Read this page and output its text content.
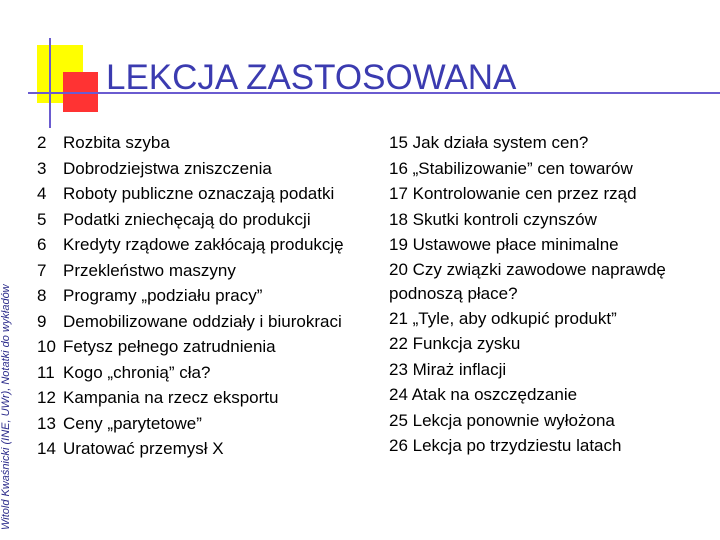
LEKCJA ZASTOSOWANA
Witold Kwaśnicki (INE, UWr), Notatki do wykładów
2 Rozbita szyba
3 Dobrodziejstwa zniszczenia
4 Roboty publiczne oznaczają podatki
5 Podatki zniechęcają do produkcji
6 Kredyty rządowe zakłócają produkcję
7 Przekleństwo maszyny
8 Programy „podziału pracy”
9 Demobilizowane oddziały i biurokraci
10 Fetysz pełnego zatrudnienia
11 Kogo „chronią” cła?
12 Kampania na rzecz eksportu
13 Ceny „parytetowe”
14 Uratować przemysł X
15 Jak działa system cen?
16 „Stabilizowanie” cen towarów
17 Kontrolowanie cen przez rząd
18 Skutki kontroli czynszów
19 Ustawowe płace minimalne
20 Czy związki zawodowe naprawdę podnoszą płace?
21 „Tyle, aby odkupić produkt”
22 Funkcja zysku
23 Miraż inflacji
24 Atak na oszczędzanie
25 Lekcja ponownie wyłożona
26 Lekcja po trzydziestu latach
